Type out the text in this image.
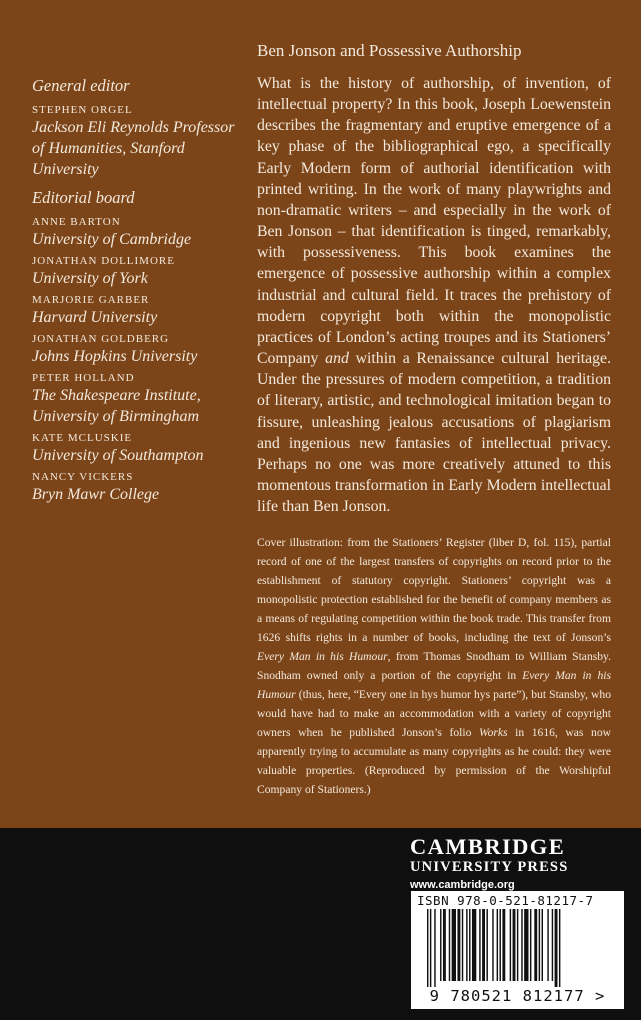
General editor
STEPHEN ORGEL
Jackson Eli Reynolds Professor of Humanities, Stanford University
Editorial board
ANNE BARTON
University of Cambridge
JONATHAN DOLLIMORE
University of York
MARJORIE GARBER
Harvard University
JONATHAN GOLDBERG
Johns Hopkins University
PETER HOLLAND
The Shakespeare Institute, University of Birmingham
KATE MCLUSKIE
University of Southampton
NANCY VICKERS
Bryn Mawr College
Ben Jonson and Possessive Authorship

What is the history of authorship, of invention, of intellectual property? In this book, Joseph Loewenstein describes the fragmentary and eruptive emergence of a key phase of the bibliographical ego, a specifically Early Modern form of authorial identification with printed writing. In the work of many playwrights and non-dramatic writers – and especially in the work of Ben Jonson – that identification is tinged, remarkably, with possessiveness. This book examines the emergence of possessive authorship within a complex industrial and cultural field. It traces the prehistory of modern copyright both within the monopolistic practices of London’s acting troupes and its Stationers’ Company and within a Renaissance cultural heritage. Under the pressures of modern competition, a tradition of literary, artistic, and technological imitation began to fissure, unleashing jealous accusations of plagiarism and ingenious new fantasies of intellectual privacy. Perhaps no one was more creatively attuned to this momentous transformation in Early Modern intellectual life than Ben Jonson.

Cover illustration: from the Stationers’ Register (liber D, fol. 115), partial record of one of the largest transfers of copyrights on record prior to the establishment of statutory copyright. Stationers’ copyright was a monopolistic protection established for the benefit of company members as a means of regulating competition within the book trade. This transfer from 1626 shifts rights in a number of books, including the text of Jonson’s Every Man in his Humour, from Thomas Snodham to William Stansby. Snodham owned only a portion of the copyright in Every Man in his Humour (thus, here, “Every one in hys humor hys parte”), but Stansby, who would have had to make an accommodation with a variety of copyright owners when he published Jonson’s folio Works in 1616, was now apparently trying to accumulate as many copyrights as he could: they were valuable properties. (Reproduced by permission of the Worshipful Company of Stationers.)

CAMBRIDGE
UNIVERSITY PRESS
www.cambridge.org
ISBN 978-0-521-81217-7
9 780521 812177 >
